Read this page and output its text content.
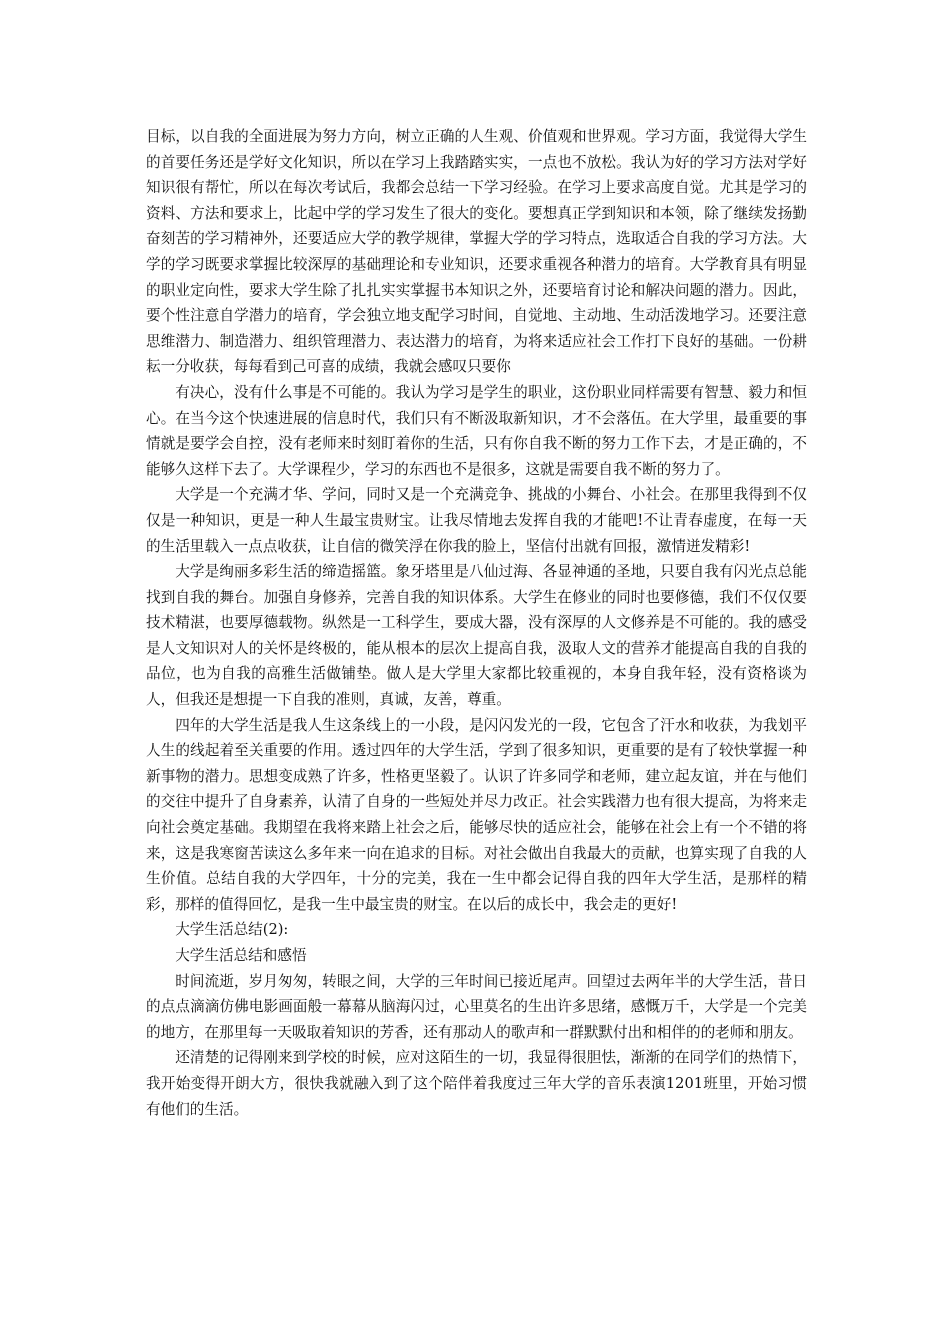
目标，以自我的全面进展为努力方向，树立正确的人生观、价值观和世界观。学习方面，我觉得大学生的首要任务还是学好文化知识，所以在学习上我踏踏实实，一点也不放松。我认为好的学习方法对学好知识很有帮忙，所以在每次考试后，我都会总结一下学习经验。在学习上要求高度自觉。尤其是学习的资料、方法和要求上，比起中学的学习发生了很大的变化。要想真正学到知识和本领，除了继续发扬勤奋刻苦的学习精神外，还要适应大学的教学规律，掌握大学的学习特点，选取适合自我的学习方法。大学的学习既要求掌握比较深厚的基础理论和专业知识，还要求重视各种潜力的培育。大学教育具有明显的职业定向性，要求大学生除了扎扎实实掌握书本知识之外，还要培育讨论和解决问题的潜力。因此，要个性注意自学潜力的培育，学会独立地支配学习时间，自觉地、主动地、生动活泼地学习。还要注意思维潜力、制造潜力、组织管理潜力、表达潜力的培育，为将来适应社会工作打下良好的基础。一份耕耘一分收获，每每看到己可喜的成绩，我就会感叹只要你

有决心，没有什么事是不可能的。我认为学习是学生的职业，这份职业同样需要有智慧、毅力和恒心。在当今这个快速进展的信息时代，我们只有不断汲取新知识，才不会落伍。在大学里，最重要的事情就是要学会自控，没有老师来时刻盯着你的生活，只有你自我不断的努力工作下去，才是正确的，不能够久这样下去了。大学课程少，学习的东西也不是很多，这就是需要自我不断的努力了。

大学是一个充满才华、学问，同时又是一个充满竞争、挑战的小舞台、小社会。在那里我得到不仅仅是一种知识，更是一种人生最宝贵财宝。让我尽情地去发挥自我的才能吧!不让青春虚度，在每一天的生活里载入一点点收获，让自信的微笑浮在你我的脸上，坚信付出就有回报，激情迸发精彩!

大学是绚丽多彩生活的缔造摇篮。象牙塔里是八仙过海、各显神通的圣地，只要自我有闪光点总能找到自我的舞台。加强自身修养，完善自我的知识体系。大学生在修业的同时也要修德，我们不仅仅要技术精湛，也要厚德载物。纵然是一工科学生，要成大器，没有深厚的人文修养是不可能的。我的感受是人文知识对人的关怀是终极的，能从根本的层次上提高自我，汲取人文的营养才能提高自我的自我的品位，也为自我的高雅生活做铺垫。做人是大学里大家都比较重视的，本身自我年轻，没有资格谈为人，但我还是想提一下自我的准则，真诚，友善，尊重。

四年的大学生活是我人生这条线上的一小段，是闪闪发光的一段，它包含了汗水和收获，为我划平人生的线起着至关重要的作用。透过四年的大学生活，学到了很多知识，更重要的是有了较快掌握一种新事物的潜力。思想变成熟了许多，性格更坚毅了。认识了许多同学和老师，建立起友谊，并在与他们的交往中提升了自身素养，认清了自身的一些短处并尽力改正。社会实践潜力也有很大提高，为将来走向社会奠定基础。我期望在我将来踏上社会之后，能够尽快的适应社会，能够在社会上有一个不错的将来，这是我寒窗苦读这么多年来一向在追求的目标。对社会做出自我最大的贡献，也算实现了自我的人生价值。总结自我的大学四年，十分的完美，我在一生中都会记得自我的四年大学生活，是那样的精彩，那样的值得回忆，是我一生中最宝贵的财宝。在以后的成长中，我会走的更好!

大学生活总结(2):

大学生活总结和感悟

时间流逝，岁月匆匆，转眼之间，大学的三年时间已接近尾声。回望过去两年半的大学生活，昔日的点点滴滴仿佛电影画面般一幕幕从脑海闪过，心里莫名的生出许多思绪，感慨万千，大学是一个完美的地方，在那里每一天吸取着知识的芳香，还有那动人的歌声和一群默默付出和相伴的的老师和朋友。

还清楚的记得刚来到学校的时候，应对这陌生的一切，我显得很胆怯，渐渐的在同学们的热情下，我开始变得开朗大方，很快我就融入到了这个陪伴着我度过三年大学的音乐表演1201班里，开始习惯有他们的生活。
